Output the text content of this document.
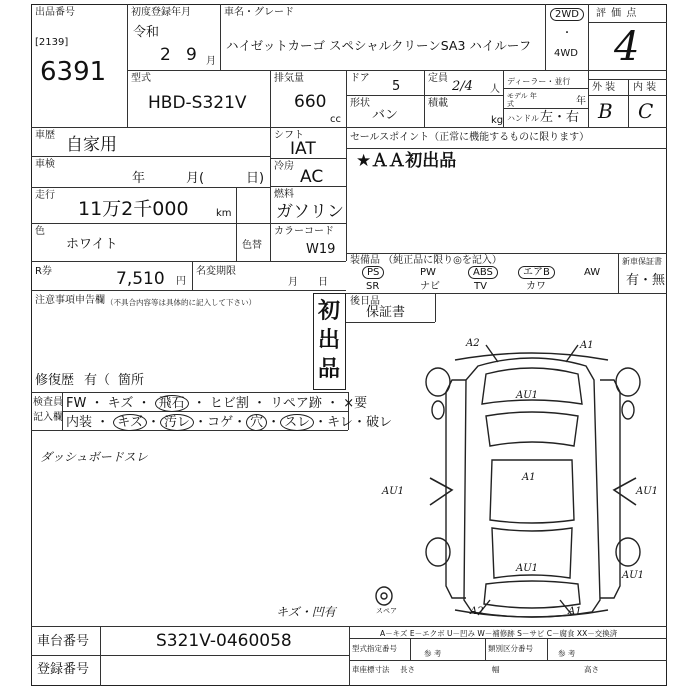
出品番号
[2139]
6391
初度登録年月
令和
2 9 月
車名・グレード
ハイゼットカーゴ スペシャルクリーンSA3 ハイルーフ
2WD
・
4WD
評 価 点
4
外 装 内 装
B C
型式
HBD-S321V
排気量
660
cc
ドア
5
定員
2/4 人
形状
バン
積載
kg
ディーラー・並行
モデル 年式	年
ハンドル 左・右
車歴 自家用	シフト
IAT
冷房
AC
車検
年	月(	日)
燃料
ガソリン
走行
11万2千000	km
カラーコード
W19
色
ホワイト	色替
R券	7,510 円
名変期限
月 日
注意事項申告欄 （不具合内容等は具体的に記入して下さい）	初
出
品
修復歴 有（ 箇所
検査員
記入欄
FW ・ キズ ・ 飛石 ・ ヒビ割 ・ リペア跡 ・ ×要
内装 ・ キズ ・ 汚レ ・コゲ・ 穴 ・ スレ ・キレ・破レ
ダッシュボードスレ
キズ・凹有
セールスポイント（正常に機能するものに限ります）
★ＡＡ初出品
装備品 （純正品に限り◎を記入）
PS	PW	ABS	エアB	AW
SR	ナビ	TV	カワ
新車保証書
有・無
後日品
保証書
A2	A1
AU1
A1
AU1	AU1
AU1
AU1
A2	A1
スペア
車台番号	S321V-0460058
登録番号
A－キズ E－エクボ U－凹み W－補修跡 S－サビ C－腐食 XX－交換済
型式指定番号
参 考
類別区分番号
参 考
車座標寸法 長さ	幅	高さ
